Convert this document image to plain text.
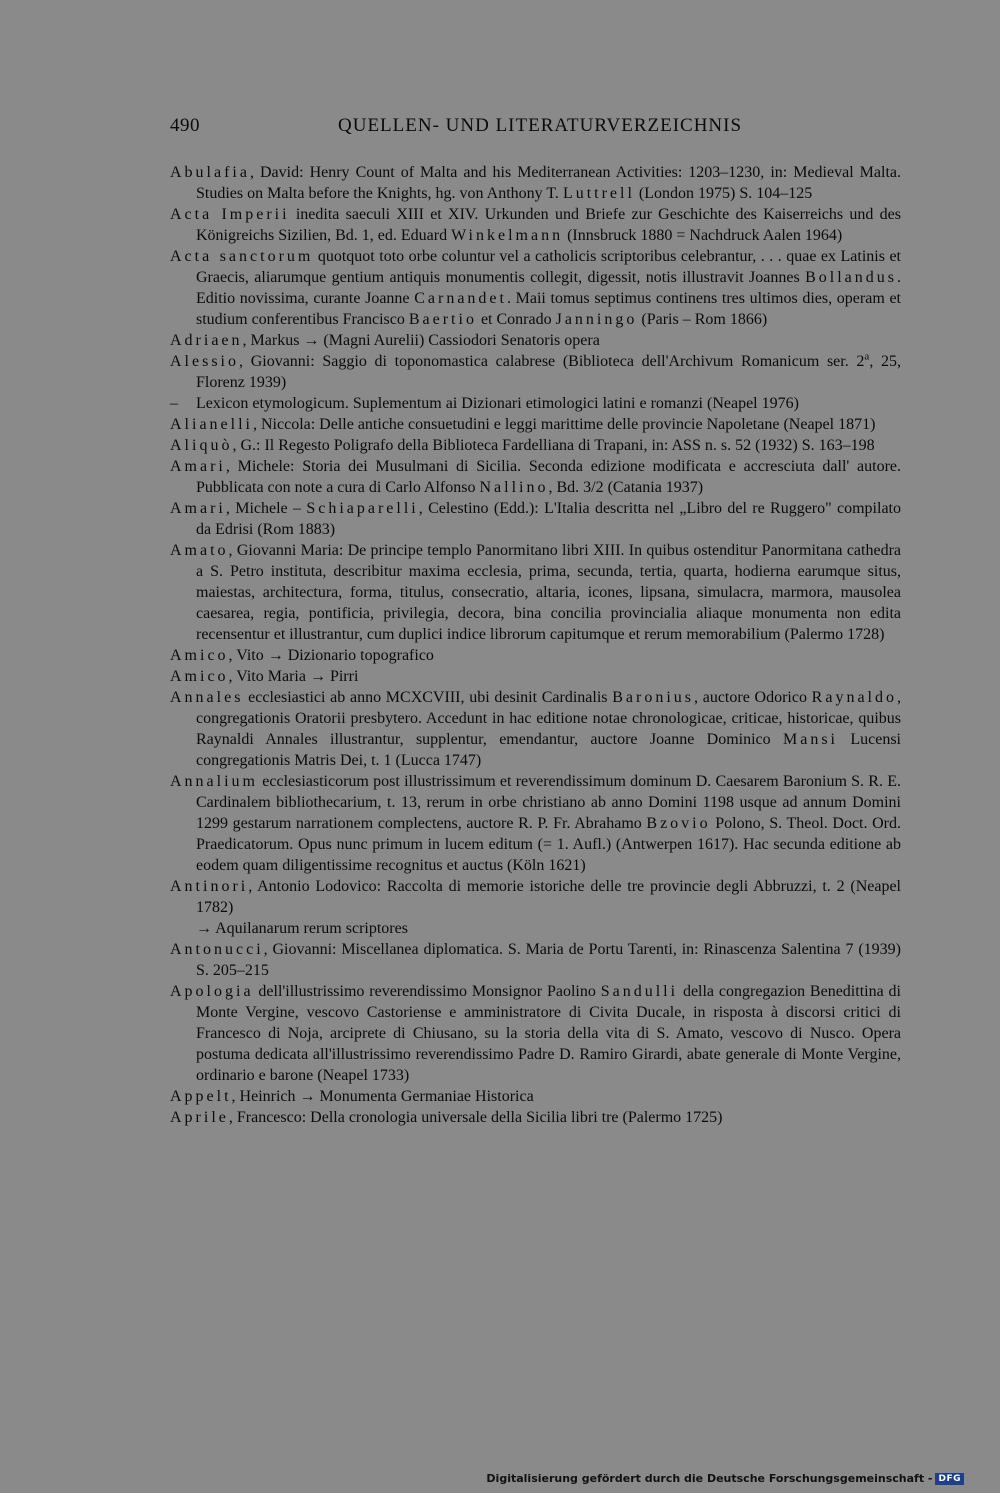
490	QUELLEN- UND LITERATURVERZEICHNIS

Abulafia, David: Henry Count of Malta and his Mediterranean Activities: 1203–1230, in: Medieval Malta. Studies on Malta before the Knights, hg. von Anthony T. Luttrell (London 1975) S. 104–125

Acta Imperii inedita saeculi XIII et XIV. Urkunden und Briefe zur Geschichte des Kaiserreichs und des Königreichs Sizilien, Bd. 1, ed. Eduard Winkelmann (Innsbruck 1880 = Nachdruck Aalen 1964)

Acta sanctorum quotquot toto orbe coluntur vel a catholicis scriptoribus celebrantur, . . . quae ex Latinis et Graecis, aliarumque gentium antiquis monumentis collegit, digessit, notis illustravit Joannes Bollandus. Editio novissima, curante Joanne Carnandet. Maii tomus septimus continens tres ultimos dies, operam et studium conferentibus Francisco Baertio et Conrado Janningo (Paris – Rom 1866)

Adriaen, Markus → (Magni Aurelii) Cassiodori Senatoris opera

Alessio, Giovanni: Saggio di toponomastica calabrese (Biblioteca dell'Archivum Romanicum ser. 2$^a$, 25, Florenz 1939)

– Lexicon etymologicum. Suplementum ai Dizionari etimologici latini e romanzi (Neapel 1976)

Alianelli, Niccola: Delle antiche consuetudini e leggi marittime delle provincie Napoletane (Neapel 1871)

Aliquò, G.: Il Regesto Poligrafo della Biblioteca Fardelliana di Trapani, in: ASS n. s. 52 (1932) S. 163–198

Amari, Michele: Storia dei Musulmani di Sicilia. Seconda edizione modificata e accresciuta dall' autore. Pubblicata con note a cura di Carlo Alfonso Nallino, Bd. 3/2 (Catania 1937)

Amari, Michele – Schiaparelli, Celestino (Edd.): L'Italia descritta nel „Libro del re Ruggero" compilato da Edrisi (Rom 1883)

Amato, Giovanni Maria: De principe templo Panormitano libri XIII. In quibus ostenditur Panormitana cathedra a S. Petro instituta, describitur maxima ecclesia, prima, secunda, tertia, quarta, hodierna earumque situs, maiestas, architectura, forma, titulus, consecratio, altaria, icones, lipsana, simulacra, marmora, mausolea caesarea, regia, pontificia, privilegia, decora, bina concilia provincialia aliaque monumenta non edita recensentur et illustrantur, cum duplici indice librorum capitumque et rerum memorabilium (Palermo 1728)

Amico, Vito → Dizionario topografico

Amico, Vito Maria → Pirri

Annales ecclesiastici ab anno MCXCVIII, ubi desinit Cardinalis Baronius, auctore Odorico Raynaldo, congregationis Oratorii presbytero. Accedunt in hac editione notae chronologicae, criticae, historicae, quibus Raynaldi Annales illustrantur, supplentur, emendantur, auctore Joanne Dominico Mansi Lucensi congregationis Matris Dei, t. 1 (Lucca 1747)

Annalium ecclesiasticorum post illustrissimum et reverendissimum dominum D. Caesarem Baronium S. R. E. Cardinalem bibliothecarium, t. 13, rerum in orbe christiano ab anno Domini 1198 usque ad annum Domini 1299 gestarum narrationem complectens, auctore R. P. Fr. Abrahamo Bzovio Polono, S. Theol. Doct. Ord. Praedicatorum. Opus nunc primum in lucem editum (= 1. Aufl.) (Antwerpen 1617). Hac secunda editione ab eodem quam diligentissime recognitus et auctus (Köln 1621)

Antinori, Antonio Lodovico: Raccolta di memorie istoriche delle tre provincie degli Abbruzzi, t. 2 (Neapel 1782)

→ Aquilanarum rerum scriptores

Antonucci, Giovanni: Miscellanea diplomatica. S. Maria de Portu Tarenti, in: Rinascenza Salentina 7 (1939) S. 205–215

Apologia dell'illustrissimo reverendissimo Monsignor Paolino Sandulli della congregazion Benedittina di Monte Vergine, vescovo Castoriense e amministratore di Civita Ducale, in risposta à discorsi critici di Francesco di Noja, arciprete di Chiusano, su la storia della vita di S. Amato, vescovo di Nusco. Opera postuma dedicata all'illustrissimo reverendissimo Padre D. Ramiro Girardi, abate generale di Monte Vergine, ordinario e barone (Neapel 1733)

Appelt, Heinrich → Monumenta Germaniae Historica

Aprile, Francesco: Della cronologia universale della Sicilia libri tre (Palermo 1725)

Digitalisierung gefördert durch die Deutsche Forschungsgemeinschaft - DFG
